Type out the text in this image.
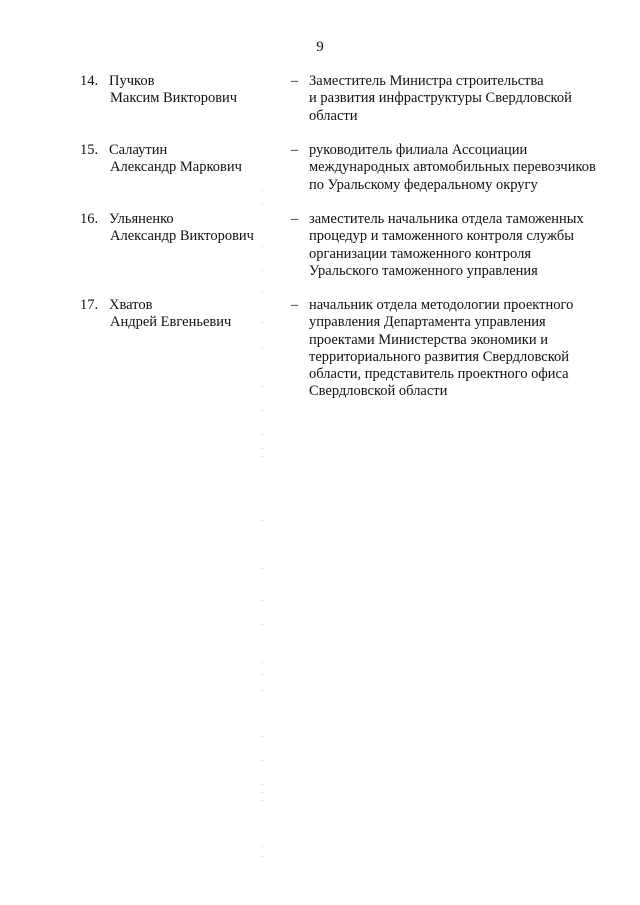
9
14. Пучков
Максим Викторович
– Заместитель Министра строительства
и развития инфраструктуры Свердловской
области
15. Салаутин
Александр Маркович
– руководитель филиала Ассоциации
международных автомобильных перевозчиков
по Уральскому федеральному округу
16. Ульяненко
Александр Викторович
– заместитель начальника отдела таможенных
процедур и таможенного контроля службы
организации таможенного контроля
Уральского таможенного управления
17. Хватов
Андрей Евгеньевич
– начальник отдела методологии проектного
управления Департамента управления
проектами Министерства экономики и
территориального развития Свердловской
области, представитель проектного офиса
Свердловской области
